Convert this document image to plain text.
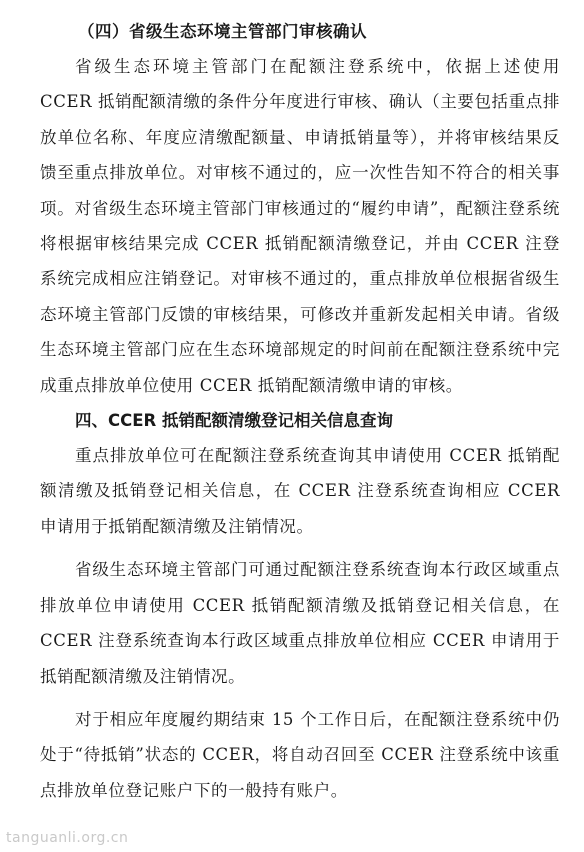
（四）省级生态环境主管部门审核确认

省级生态环境主管部门在配额注登系统中，依据上述使用 CCER 抵销配额清缴的条件分年度进行审核、确认（主要包括重点排放单位名称、年度应清缴配额量、申请抵销量等），并将审核结果反馈至重点排放单位。对审核不通过的，应一次性告知不符合的相关事项。对省级生态环境主管部门审核通过的“履约申请”，配额注登系统将根据审核结果完成 CCER 抵销配额清缴登记，并由 CCER 注登系统完成相应注销登记。对审核不通过的，重点排放单位根据省级生态环境主管部门反馈的审核结果，可修改并重新发起相关申请。省级生态环境主管部门应在生态环境部规定的时间前在配额注登系统中完成重点排放单位使用 CCER 抵销配额清缴申请的审核。

四、CCER 抵销配额清缴登记相关信息查询

重点排放单位可在配额注登系统查询其申请使用 CCER 抵销配额清缴及抵销登记相关信息，在 CCER 注登系统查询相应 CCER 申请用于抵销配额清缴及注销情况。

省级生态环境主管部门可通过配额注登系统查询本行政区域重点排放单位申请使用 CCER 抵销配额清缴及抵销登记相关信息，在 CCER 注登系统查询本行政区域重点排放单位相应 CCER 申请用于抵销配额清缴及注销情况。

对于相应年度履约期结束 15 个工作日后，在配额注登系统中仍处于“待抵销”状态的 CCER，将自动召回至 CCER 注登系统中该重点排放单位登记账户下的一般持有账户。

tanguanli.org.cn
